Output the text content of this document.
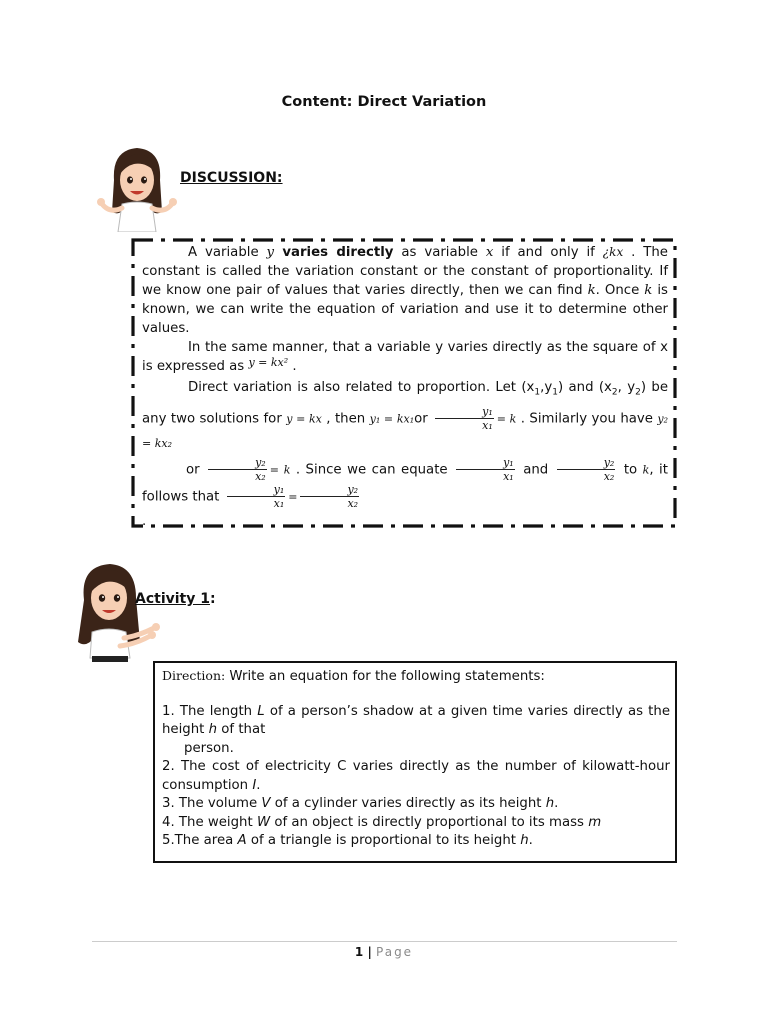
Content: Direct Variation
DISCUSSION:

A variable y varies directly as variable x if and only if ¿kx . The constant is called the variation constant or the constant of proportionality. If we know one pair of values that varies directly, then we can find k. Once k is known, we can write the equation of variation and use it to determine other values.

In the same manner, that a variable y varies directly as the square of x is expressed as $^{y = kx^2}$ .

Direct variation is also related to proportion. Let $(x_1,y_1)$ and ($x_2$, $y_2$) be any two solutions for y = kx , then $y_1 = kx_1or \frac{\text{y₁}}{\text{x₁}} = k$ . Similarly you have y₂ = kx₂
or $\frac{\text{y₂}}{\text{x₂}} = k$ . Since we can equate $\frac{\text{y₁}}{\text{x₁}}$ and $\frac{\text{y₂}}{\text{x₂}}$ to k, it follows that $\frac{\text{y₁}}{\text{x₁}} = \frac{\text{y₂}}{\text{x₂}}$

.

Activity 1:

Direction: Write an equation for the following statements:

1. The length L of a person’s shadow at a given time varies directly as the height h of that

person.

2. The cost of electricity C varies directly as the number of kilowatt-hour consumption I.

3. The volume V of a cylinder varies directly as its height h.

4. The weight W of an object is directly proportional to its mass m

5.The area A of a triangle is proportional to its height h.

1 | Page
